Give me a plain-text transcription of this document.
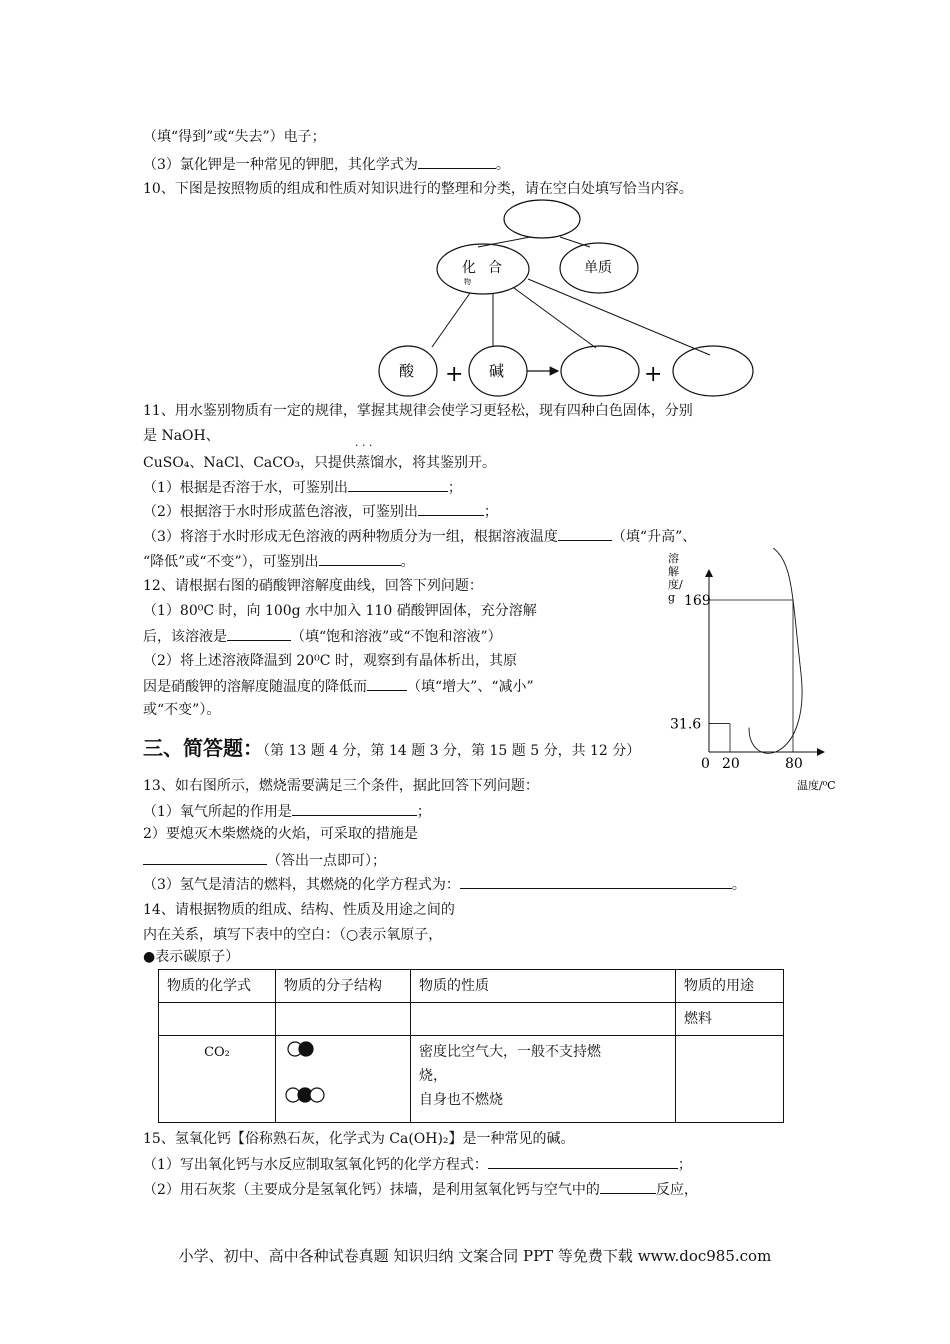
（填“得到”或“失去”）电子；
（3）氯化钾是一种常见的钾肥，其化学式为	。
10、下图是按照物质的组成和性质对知识进行的整理和分类，请在空白处填写恰当内容。
化 合
物
单质
酸 + 碱	+
11、用水鉴别物质有一定的规律，掌握其规律会使学习更轻松，现有四种白色固体，分别
是 NaOH、
· · ·
CuSO₄、NaCl、CaCO₃，只提供蒸馏水，将其鉴别开。
（1）根据是否溶于水，可鉴别出	；
（2）根据溶于水时形成蓝色溶液，可鉴别出	；
（3）将溶于水时形成无色溶液的两种物质分为一组，根据溶液温度	（填“升高”、
“降低”或“不变”），可鉴别出	。
12、请根据右图的硝酸钾溶解度曲线，回答下列问题：
（1）80⁰C 时，向 100g 水中加入 110 硝酸钾固体，充分溶解
后，该溶液是	（填“饱和溶液”或“不饱和溶液”）
（2）将上述溶液降温到 20⁰C 时，观察到有晶体析出，其原
因是硝酸钾的溶解度随温度的降低而	（填“增大”、“减小”
或“不变”）。
溶
解
度/
g 169
31.6
0 20	80
温度/⁰C
三、简答题：（第 13 题 4 分，第 14 题 3 分，第 15 题 5 分，共 12 分）
13、如右图所示，燃烧需要满足三个条件，据此回答下列问题：
（1）氧气所起的作用是	；
2）要熄灭木柴燃烧的火焰，可采取的措施是
（答出一点即可）；
（3）氢气是清洁的燃料，其燃烧的化学方程式为：	。
14、请根据物质的组成、结构、性质及用途之间的
内在关系，填写下表中的空白：（○表示氧原子，
●表示碳原子）
物质的化学式	物质的分子结构	物质的性质	物质的用途
			燃料
CO₂		密度比空气大，一般不支持燃
烧，
自身也不燃烧	

15、氢氧化钙【俗称熟石灰，化学式为 Ca(OH)₂】是一种常见的碱。
（1）写出氧化钙与水反应制取氢氧化钙的化学方程式：	；
（2）用石灰浆（主要成分是氢氧化钙）抹墙，是利用氢氧化钙与空气中的	反应，
小学、初中、高中各种试卷真题 知识归纳 文案合同 PPT 等免费下载 www.doc985.com
